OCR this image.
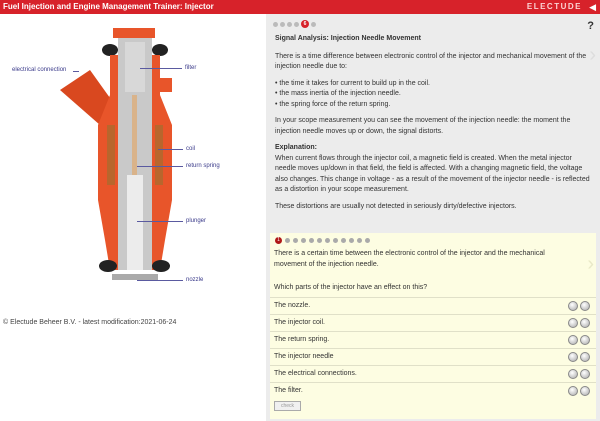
Fuel Injection and Engine Management Trainer: Injector	ELECTUDE ◀
electrical connection	filter
coil
return spring
plunger
nozzle
© Electude Beheer B.V. - latest modification:2021-06-24
6	?
›
Signal Analysis: Injection Needle Movement

There is a time difference between electronic control of the injector and mechanical movement of the injection needle due to:

• the time it takes for current to build up in the coil.
• the mass inertia of the injection needle.
• the spring force of the return spring.

In your scope measurement you can see the movement of the injection needle: the moment the injection needle moves up or down, the signal distorts.

Explanation:

When current flows through the injector coil, a magnetic field is created. When the metal injector needle moves up/down in that field, the field is affected. With a changing magnetic field, the voltage also changes. This change in voltage - as a result of the movement of the injector needle - is reflected as a distortion in your scope measurement.

These distortions are usually not detected in seriously dirty/defective injectors.

1
There is a certain time between the electronic control of the injector and the mechanical movement of the injection needle.	›
Which parts of the injector have an effect on this?
The nozzle.
The injector coil.
The return spring.
The injector needle
The electrical connections.
The filter.
check
